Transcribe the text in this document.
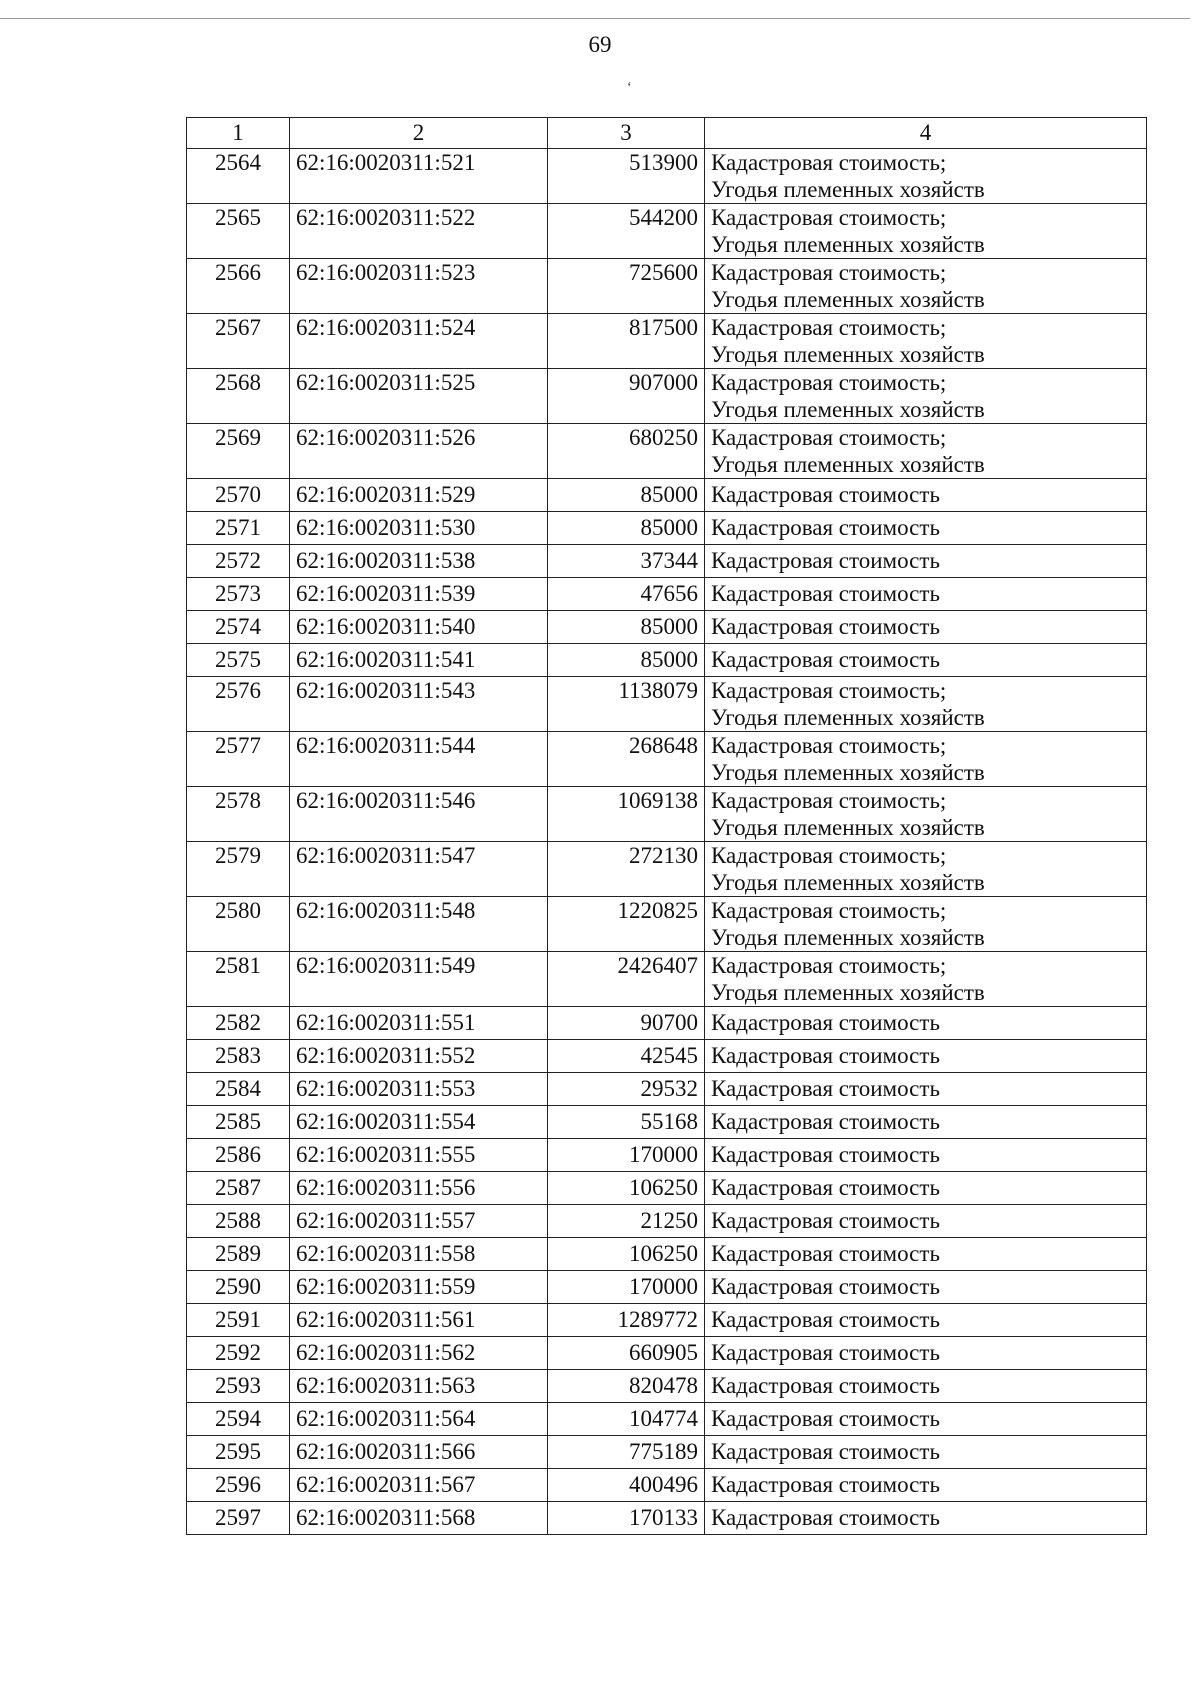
69
‘
1	2	3	4
2564	62:16:0020311:521	513900	Кадастровая стоимость;
Угодья племенных хозяйств

2565	62:16:0020311:522	544200	Кадастровая стоимость;
Угодья племенных хозяйств

2566	62:16:0020311:523	725600	Кадастровая стоимость;
Угодья племенных хозяйств

2567	62:16:0020311:524	817500	Кадастровая стоимость;
Угодья племенных хозяйств

2568	62:16:0020311:525	907000	Кадастровая стоимость;
Угодья племенных хозяйств

2569	62:16:0020311:526	680250	Кадастровая стоимость;
Угодья племенных хозяйств

2570	62:16:0020311:529	85000	Кадастровая стоимость

2571	62:16:0020311:530	85000	Кадастровая стоимость

2572	62:16:0020311:538	37344	Кадастровая стоимость

2573	62:16:0020311:539	47656	Кадастровая стоимость

2574	62:16:0020311:540	85000	Кадастровая стоимость

2575	62:16:0020311:541	85000	Кадастровая стоимость

2576	62:16:0020311:543	1138079	Кадастровая стоимость;
Угодья племенных хозяйств

2577	62:16:0020311:544	268648	Кадастровая стоимость;
Угодья племенных хозяйств

2578	62:16:0020311:546	1069138	Кадастровая стоимость;
Угодья племенных хозяйств

2579	62:16:0020311:547	272130	Кадастровая стоимость;
Угодья племенных хозяйств

2580	62:16:0020311:548	1220825	Кадастровая стоимость;
Угодья племенных хозяйств

2581	62:16:0020311:549	2426407	Кадастровая стоимость;
Угодья племенных хозяйств

2582	62:16:0020311:551	90700	Кадастровая стоимость

2583	62:16:0020311:552	42545	Кадастровая стоимость

2584	62:16:0020311:553	29532	Кадастровая стоимость

2585	62:16:0020311:554	55168	Кадастровая стоимость

2586	62:16:0020311:555	170000	Кадастровая стоимость

2587	62:16:0020311:556	106250	Кадастровая стоимость

2588	62:16:0020311:557	21250	Кадастровая стоимость

2589	62:16:0020311:558	106250	Кадастровая стоимость

2590	62:16:0020311:559	170000	Кадастровая стоимость

2591	62:16:0020311:561	1289772	Кадастровая стоимость

2592	62:16:0020311:562	660905	Кадастровая стоимость

2593	62:16:0020311:563	820478	Кадастровая стоимость

2594	62:16:0020311:564	104774	Кадастровая стоимость

2595	62:16:0020311:566	775189	Кадастровая стоимость

2596	62:16:0020311:567	400496	Кадастровая стоимость

2597	62:16:0020311:568	170133	Кадастровая стоимость
